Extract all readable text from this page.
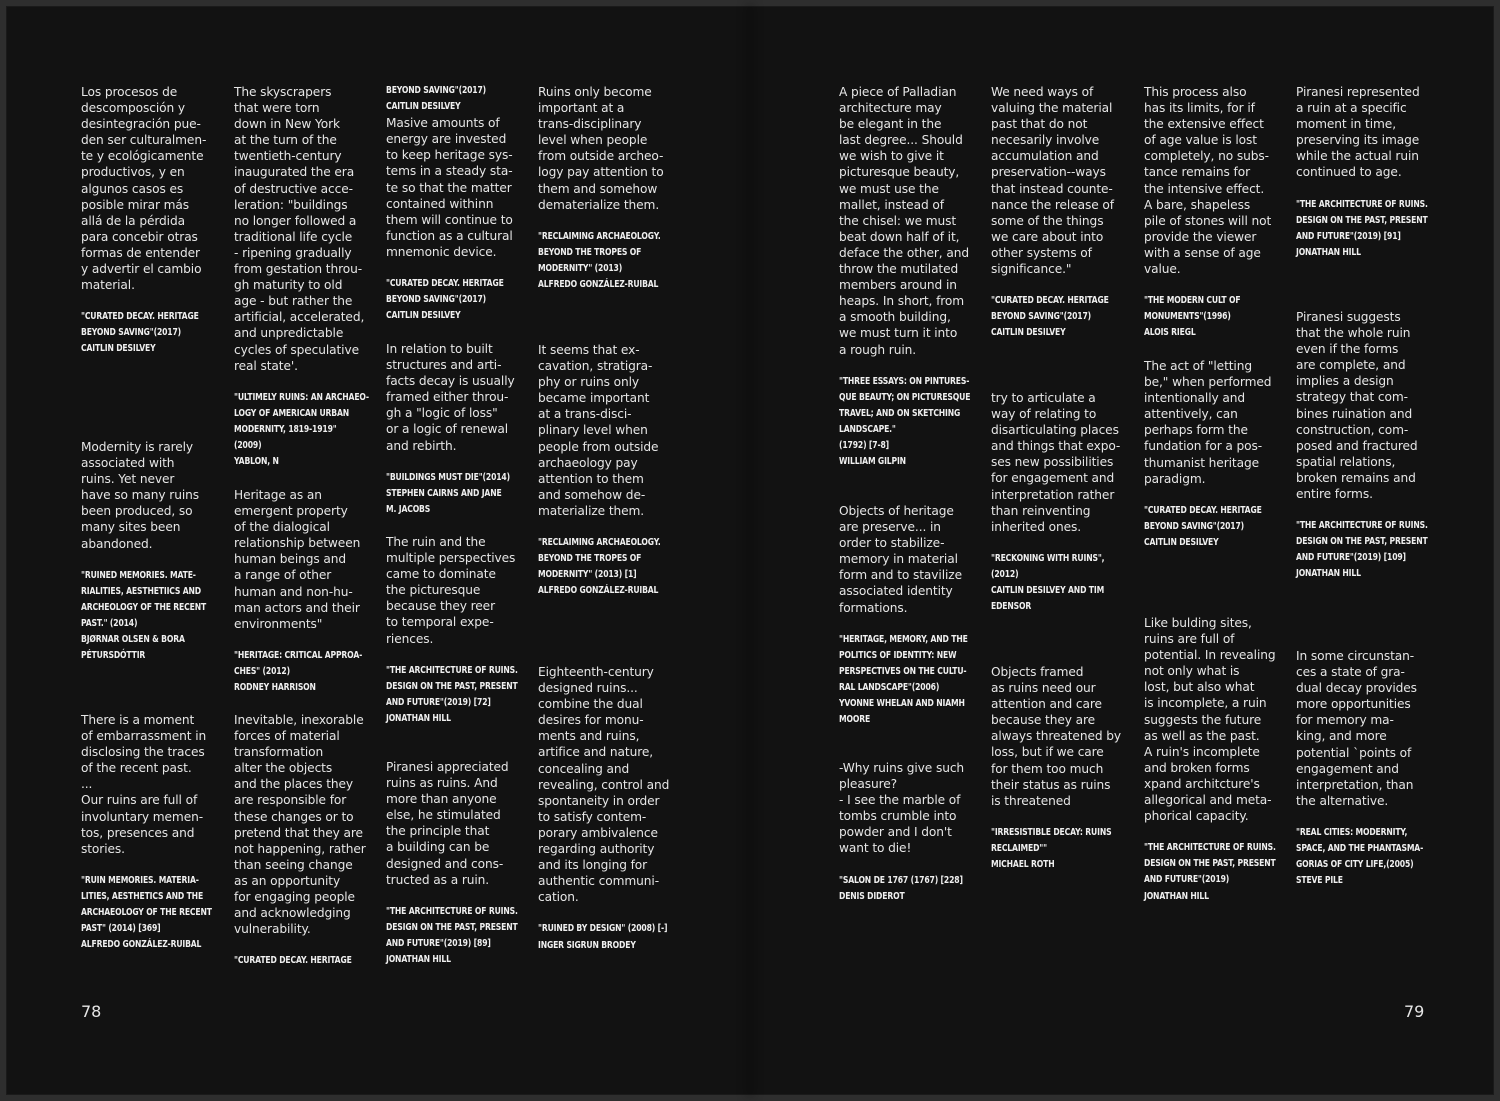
Los procesos de
descomposción y
desintegración pue-
den ser culturalmen-
te y ecológicamente
productivos, y en
algunos casos es
posible mirar más
allá de la pérdida
para concebir otras
formas de entender
y advertir el cambio
material.
"CURATED DECAY. HERITAGE
BEYOND SAVING"(2017)
CAITLIN DESILVEY
Modernity is rarely
associated with
ruins. Yet never
have so many ruins
been produced, so
many sites been
abandoned.
"RUINED MEMORIES. MATE-
RIALITIES, AESTHETIICS AND
ARCHEOLOGY OF THE RECENT
PAST." (2014)
BJØRNAR OLSEN & BORA
PÉTURSDÓTTIR
There is a moment
of embarrassment in
disclosing the traces
of the recent past.
...
Our ruins are full of
involuntary memen-
tos, presences and
stories.
"RUIN MEMORIES. MATERIA-
LITIES, AESTHETICS AND THE
ARCHAEOLOGY OF THE RECENT
PAST" (2014) [369]
ALFREDO GONZÁLEZ-RUIBAL
The skyscrapers
that were torn
down in New York
at the turn of the
twentieth-century
inaugurated the era
of destructive acce-
leration: "buildings
no longer followed a
traditional life cycle
- ripening gradually
from gestation throu-
gh maturity to old
age - but rather the
artificial, accelerated,
and unpredictable
cycles of speculative
real state'.
"ULTIMELY RUINS: AN ARCHAEO-
LOGY OF AMERICAN URBAN
MODERNITY, 1819-1919"
(2009)
YABLON, N
Heritage as an
emergent property
of the dialogical
relationship between
human beings and
a range of other
human and non-hu-
man actors and their
environments"
"HERITAGE: CRITICAL APPROA-
CHES" (2012)
RODNEY HARRISON
Inevitable, inexorable
forces of material
transformation
alter the objects
and the places they
are responsible for
these changes or to
pretend that they are
not happening, rather
than seeing change
as an opportunity
for engaging people
and acknowledging
vulnerability.
"CURATED DECAY. HERITAGE
BEYOND SAVING"(2017)
CAITLIN DESILVEY
Masive amounts of
energy are invested
to keep heritage sys-
tems in a steady sta-
te so that the matter
contained withinn
them will continue to
function as a cultural
mnemonic device.
"CURATED DECAY. HERITAGE
BEYOND SAVING"(2017)
CAITLIN DESILVEY
In relation to built
structures and arti-
facts decay is usually
framed either throu-
gh a "logic of loss"
or a logic of renewal
and rebirth.
"BUILDINGS MUST DIE"(2014)
STEPHEN CAIRNS AND JANE
M. JACOBS
The ruin and the
multiple perspectives
came to dominate
the picturesque
because they reer
to temporal expe-
riences.
"THE ARCHITECTURE OF RUINS.
DESIGN ON THE PAST, PRESENT
AND FUTURE"(2019) [72]
JONATHAN HILL
Piranesi appreciated
ruins as ruins. And
more than anyone
else, he stimulated
the principle that
a building can be
designed and cons-
tructed as a ruin.
"THE ARCHITECTURE OF RUINS.
DESIGN ON THE PAST, PRESENT
AND FUTURE"(2019) [89]
JONATHAN HILL
Ruins only become
important at a
trans-disciplinary
level when people
from outside archeo-
logy pay attention to
them and somehow
dematerialize them.
"RECLAIMING ARCHAEOLOGY.
BEYOND THE TROPES OF
MODERNITY" (2013)
ALFREDO GONZÁLEZ-RUIBAL
It seems that ex-
cavation, stratigra-
phy or ruins only
became important
at a trans-disci-
plinary level when
people from outside
archaeology pay
attention to them
and somehow de-
materialize them.
"RECLAIMING ARCHAEOLOGY.
BEYOND THE TROPES OF
MODERNITY" (2013) [1]
ALFREDO GONZÁLEZ-RUIBAL
Eighteenth-century
designed ruins...
combine the dual
desires for monu-
ments and ruins,
artifice and nature,
concealing and
revealing, control and
spontaneity in order
to satisfy contem-
porary ambivalence
regarding authority
and its longing for
authentic communi-
cation.
"RUINED BY DESIGN" (2008) [-]
INGER SIGRUN BRODEY
78
A piece of Palladian
architecture may
be elegant in the
last degree... Should
we wish to give it
picturesque beauty,
we must use the
mallet, instead of
the chisel: we must
beat down half of it,
deface the other, and
throw the mutilated
members around in
heaps. In short, from
a smooth building,
we must turn it into
a rough ruin.
"THREE ESSAYS: ON PINTURES-
QUE BEAUTY; ON PICTURESQUE
TRAVEL; AND ON SKETCHING
LANDSCAPE."
(1792) [7-8]
WILLIAM GILPIN
Objects of heritage
are preserve... in
order to stabilize-
memory in material
form and to stavilize
associated identity
formations.
"HERITAGE, MEMORY, AND THE
POLITICS OF IDENTITY: NEW
PERSPECTIVES ON THE CULTU-
RAL LANDSCAPE"(2006)
YVONNE WHELAN AND NIAMH
MOORE
-Why ruins give such
pleasure?
- I see the marble of
tombs crumble into
powder and I don't
want to die!
"SALON DE 1767 (1767) [228]
DENIS DIDEROT
We need ways of
valuing the material
past that do not
necesarily involve
accumulation and
preservation--ways
that instead counte-
nance the release of
some of the things
we care about into
other systems of
significance."
"CURATED DECAY. HERITAGE
BEYOND SAVING"(2017)
CAITLIN DESILVEY
try to articulate a
way of relating to
disarticulating places
and things that expo-
ses new possibilities
for engagement and
interpretation rather
than reinventing
inherited ones.
"RECKONING WITH RUINS",
(2012)
CAITLIN DESILVEY AND TIM
EDENSOR
Objects framed
as ruins need our
attention and care
because they are
always threatened by
loss, but if we care
for them too much
their status as ruins
is threatened
"IRRESISTIBLE DECAY: RUINS
RECLAIMED""
MICHAEL ROTH
This process also
has its limits, for if
the extensive effect
of age value is lost
completely, no subs-
tance remains for
the intensive effect.
A bare, shapeless
pile of stones will not
provide the viewer
with a sense of age
value.
"THE MODERN CULT OF
MONUMENTS"(1996)
ALOIS RIEGL
The act of "letting
be," when performed
intentionally and
attentively, can
perhaps form the
fundation for a pos-
thumanist heritage
paradigm.
"CURATED DECAY. HERITAGE
BEYOND SAVING"(2017)
CAITLIN DESILVEY
Like bulding sites,
ruins are full of
potential. In revealing
not only what is
lost, but also what
is incomplete, a ruin
suggests the future
as well as the past.
A ruin's incomplete
and broken forms
xpand architcture's
allegorical and meta-
phorical capacity.
"THE ARCHITECTURE OF RUINS.
DESIGN ON THE PAST, PRESENT
AND FUTURE"(2019)
JONATHAN HILL
Piranesi represented
a ruin at a specific
moment in time,
preserving its image
while the actual ruin
continued to age.
"THE ARCHITECTURE OF RUINS.
DESIGN ON THE PAST, PRESENT
AND FUTURE"(2019) [91]
JONATHAN HILL
Piranesi suggests
that the whole ruin
even if the forms
are complete, and
implies a design
strategy that com-
bines ruination and
construction, com-
posed and fractured
spatial relations,
broken remains and
entire forms.
"THE ARCHITECTURE OF RUINS.
DESIGN ON THE PAST, PRESENT
AND FUTURE"(2019) [109]
JONATHAN HILL
In some circunstan-
ces a state of gra-
dual decay provides
more opportunities
for memory ma-
king, and more
potential `points of
engagement and
interpretation, than
the alternative.
"REAL CITIES: MODERNITY,
SPACE, AND THE PHANTASMA-
GORIAS OF CITY LIFE,(2005)
STEVE PILE
79
